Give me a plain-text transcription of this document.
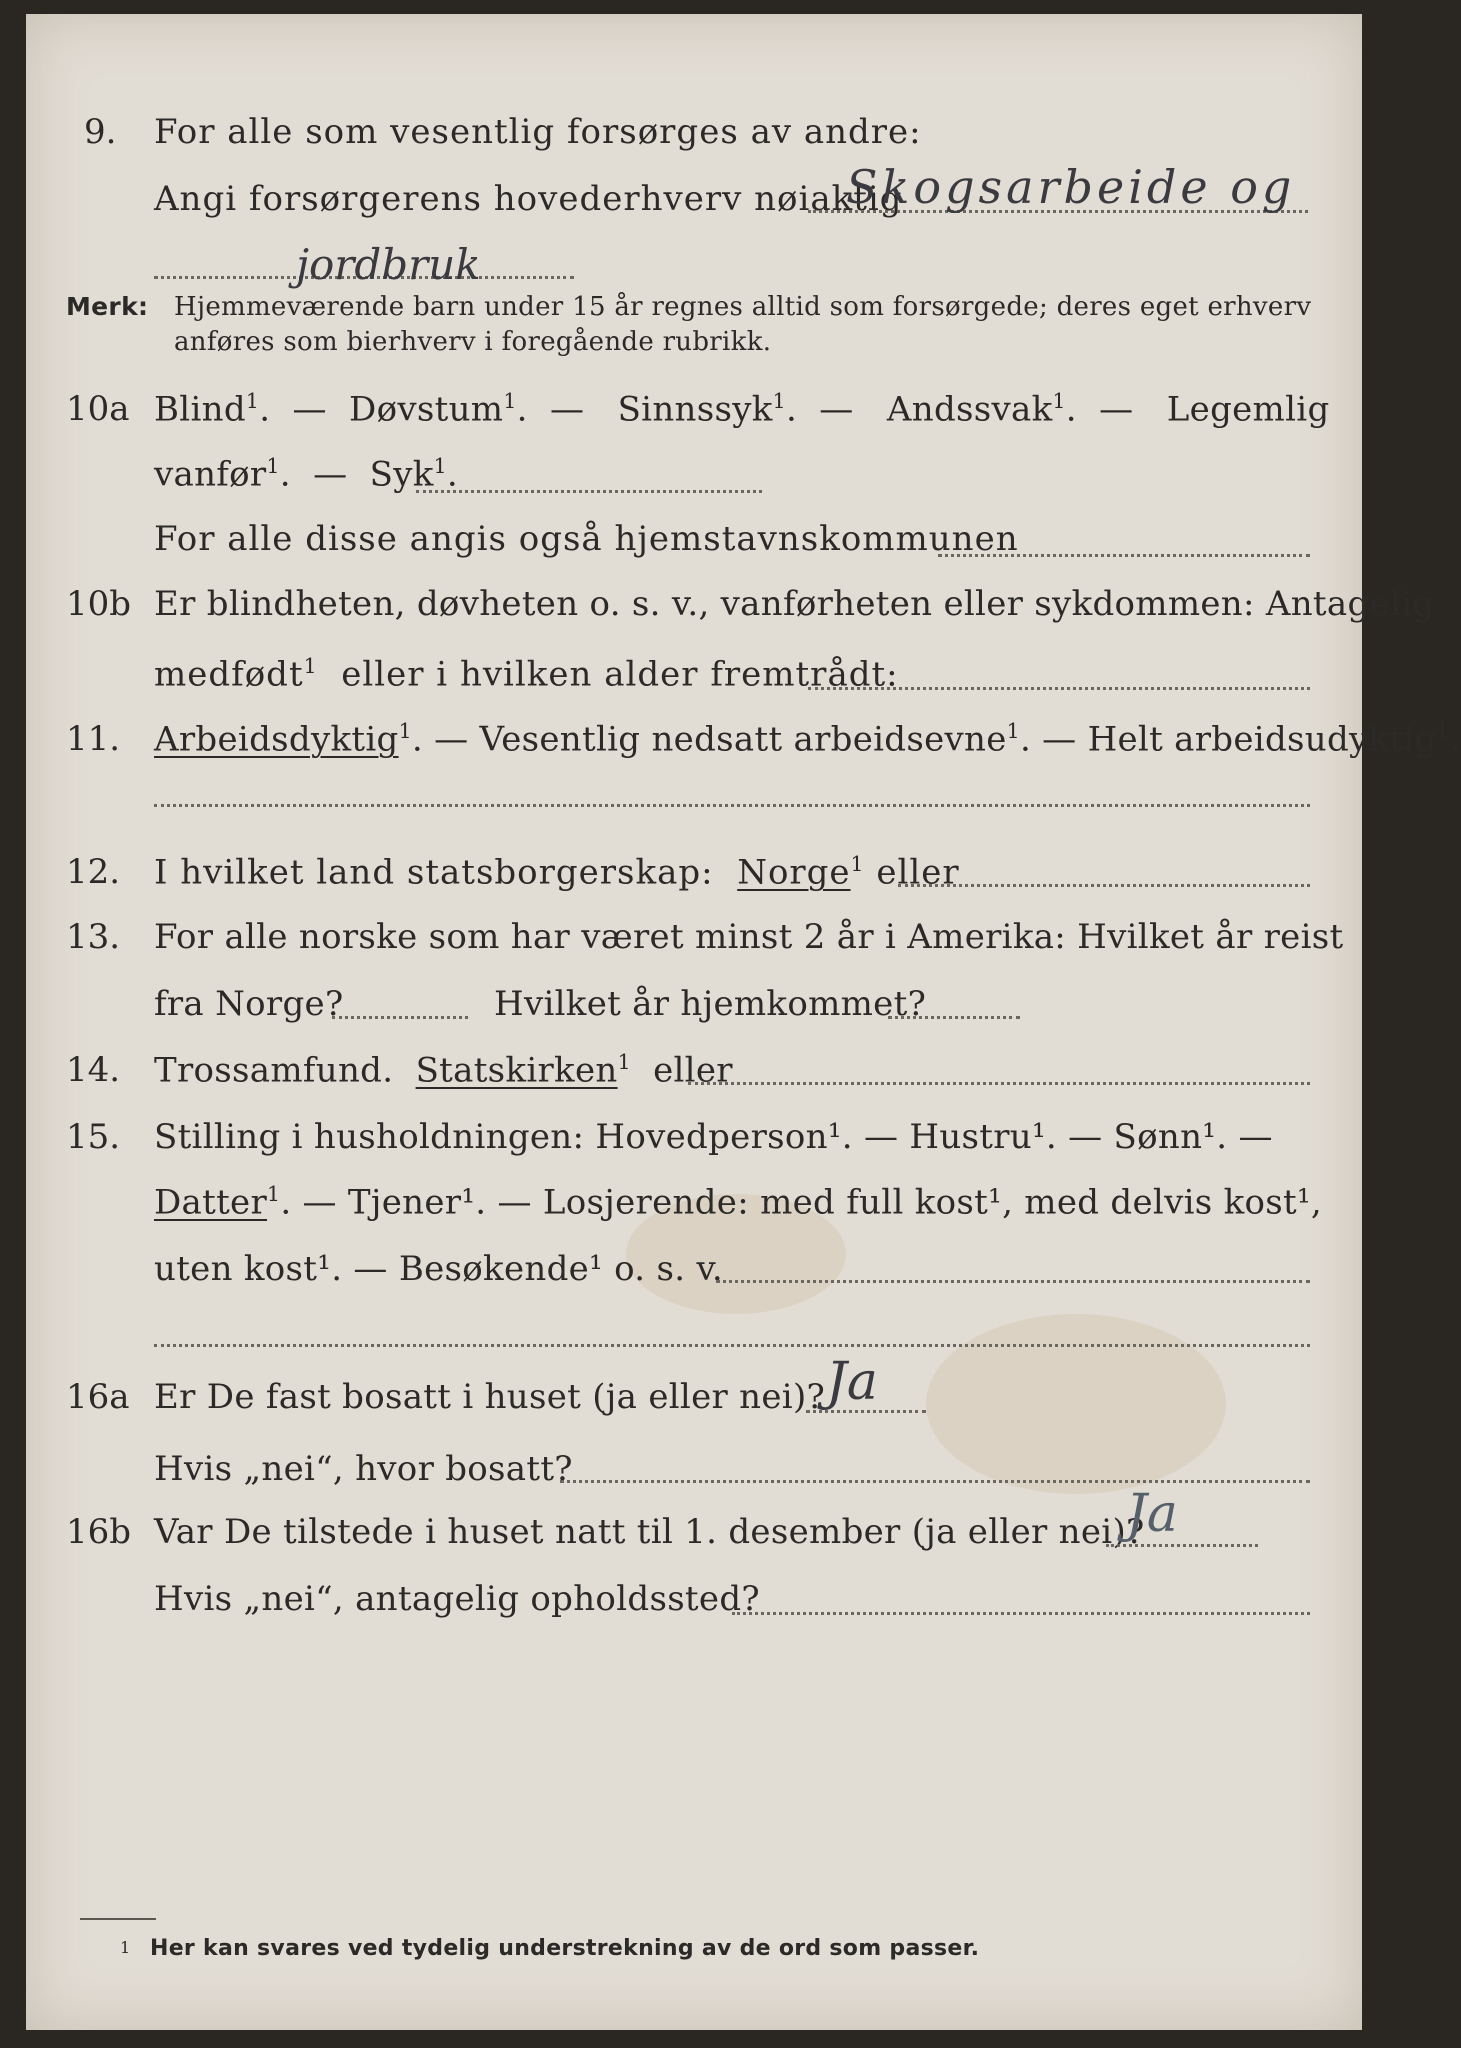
9. For alle som vesentlig forsørges av andre:
Angi forsørgerens hovederhverv nøiaktig
Skogsarbeide og
jordbruk
Merk: Hjemmeværende barn under 15 år regnes alltid som forsørgede; deres eget erhverv
anføres som bierhverv i foregående rubrikk.
10a Blind$^1$. — Døvstum$^1$. — Sinnssyk$^1$. — Andssvak$^1$. — Legemlig
vanfør$^1$. — Syk$^1$.
For alle disse angis også hjemstavnskommunen
10b Er blindheten, døvheten o. s. v., vanførheten eller sykdommen: Antagelig
medfødt$^1$ eller i hvilken alder fremtrådt:
11. Arbeidsdyktig$^1$. — Vesentlig nedsatt arbeidsevne$^1$. — Helt arbeidsudyktig$^1$.
12. I hvilket land statsborgerskap: Norge$^1$ eller
13. For alle norske som har været minst 2 år i Amerika: Hvilket år reist
fra Norge?	Hvilket år hjemkommet?
14. Trossamfund. Statskirken$^1$ eller
15. Stilling i husholdningen: Hovedperson¹. — Hustru¹. — Sønn¹. —
Datter$^1$. — Tjener¹. — Losjerende: med full kost¹, med delvis kost¹,
uten kost¹. — Besøkende¹ o. s. v.
16a Er De fast bosatt i huset (ja eller nei)? Ja
Hvis „nei“, hvor bosatt?
16b Var De tilstede i huset natt til 1. desember (ja eller nei)?
Ja
Hvis „nei“, antagelig opholdssted?
1 Her kan svares ved tydelig understrekning av de ord som passer.
